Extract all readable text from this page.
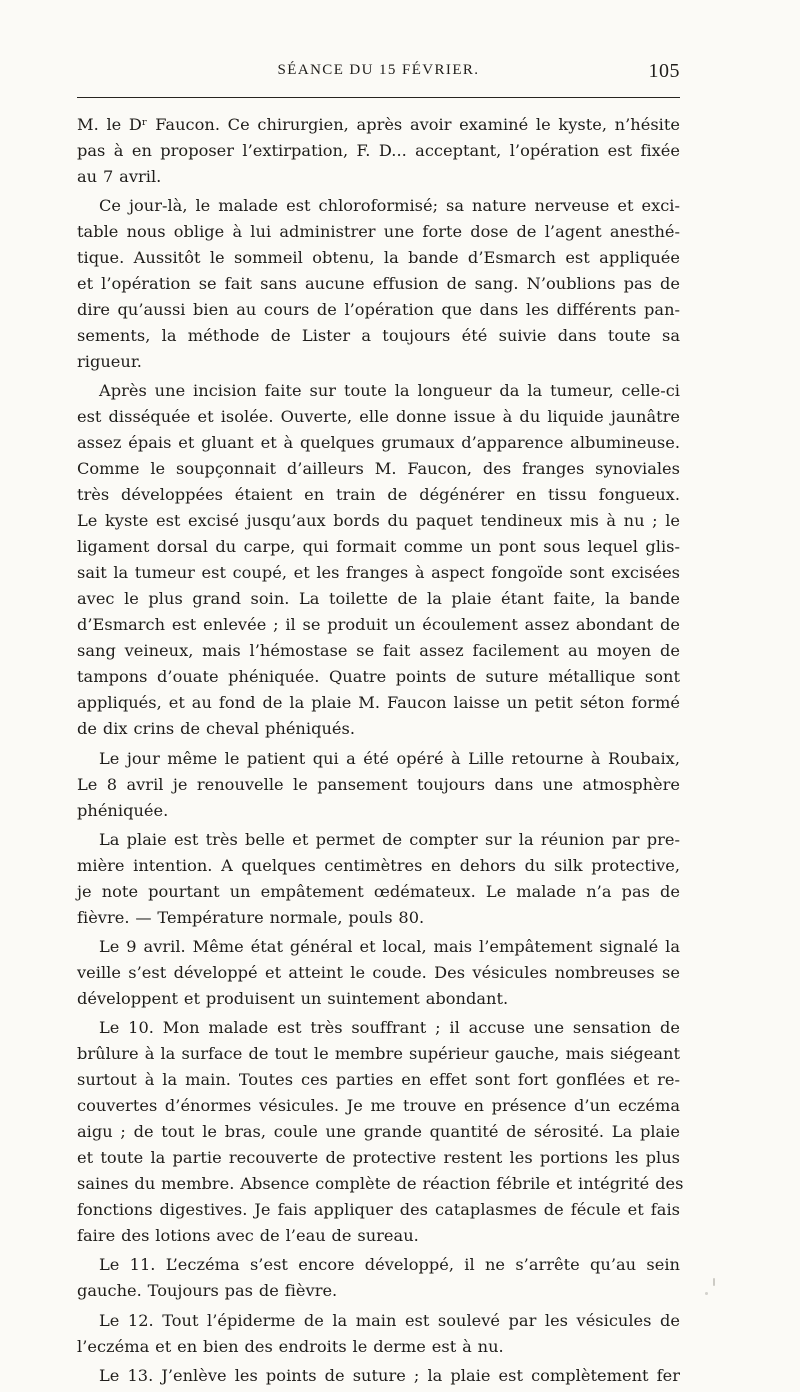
SÉANCE DU 15 FÉVRIER.	105
M. le Dʳ Faucon. Ce chirurgien, après avoir examiné le kyste, n’hésite
pas à en proposer l’extirpation, F. D... acceptant, l’opération est fixée
au 7 avril.
Ce jour-là, le malade est chloroformisé; sa nature nerveuse et exci-
table nous oblige à lui administrer une forte dose de l’agent anesthé-
tique. Aussitôt le sommeil obtenu, la bande d’Esmarch est appliquée
et l’opération se fait sans aucune effusion de sang. N’oublions pas de
dire qu’aussi bien au cours de l’opération que dans les différents pan-
sements, la méthode de Lister a toujours été suivie dans toute sa
rigueur.
Après une incision faite sur toute la longueur da la tumeur, celle-ci
est disséquée et isolée. Ouverte, elle donne issue à du liquide jaunâtre
assez épais et gluant et à quelques grumaux d’apparence albumineuse.
Comme le soupçonnait d’ailleurs M. Faucon, des franges synoviales
très développées étaient en train de dégénérer en tissu fongueux.
Le kyste est excisé jusqu’aux bords du paquet tendineux mis à nu ; le
ligament dorsal du carpe, qui formait comme un pont sous lequel glis-
sait la tumeur est coupé, et les franges à aspect fongoïde sont excisées
avec le plus grand soin. La toilette de la plaie étant faite, la bande
d’Esmarch est enlevée ; il se produit un écoulement assez abondant de
sang veineux, mais l’hémostase se fait assez facilement au moyen de
tampons d’ouate phéniquée. Quatre points de suture métallique sont
appliqués, et au fond de la plaie M. Faucon laisse un petit séton formé
de dix crins de cheval phéniqués.
Le jour même le patient qui a été opéré à Lille retourne à Roubaix,
Le 8 avril je renouvelle le pansement toujours dans une atmosphère
phéniquée.
La plaie est très belle et permet de compter sur la réunion par pre-
mière intention. A quelques centimètres en dehors du silk protective,
je note pourtant un empâtement œdémateux. Le malade n’a pas de
fièvre. — Température normale, pouls 80.
Le 9 avril. Même état général et local, mais l’empâtement signalé la
veille s’est développé et atteint le coude. Des vésicules nombreuses se
développent et produisent un suintement abondant.
Le 10. Mon malade est très souffrant ; il accuse une sensation de
brûlure à la surface de tout le membre supérieur gauche, mais siégeant
surtout à la main. Toutes ces parties en effet sont fort gonflées et re-
couvertes d’énormes vésicules. Je me trouve en présence d’un eczéma
aigu ; de tout le bras, coule une grande quantité de sérosité. La plaie
et toute la partie recouverte de protective restent les portions les plus
saines du membre. Absence complète de réaction fébrile et intégrité des
fonctions digestives. Je fais appliquer des cataplasmes de fécule et fais
faire des lotions avec de l’eau de sureau.
Le 11. L’eczéma s’est encore développé, il ne s’arrête qu’au sein
gauche. Toujours pas de fièvre.
Le 12. Tout l’épiderme de la main est soulevé par les vésicules de
l’eczéma et en bien des endroits le derme est à nu.
Le 13. J’enlève les points de suture ; la plaie est complètement fer
